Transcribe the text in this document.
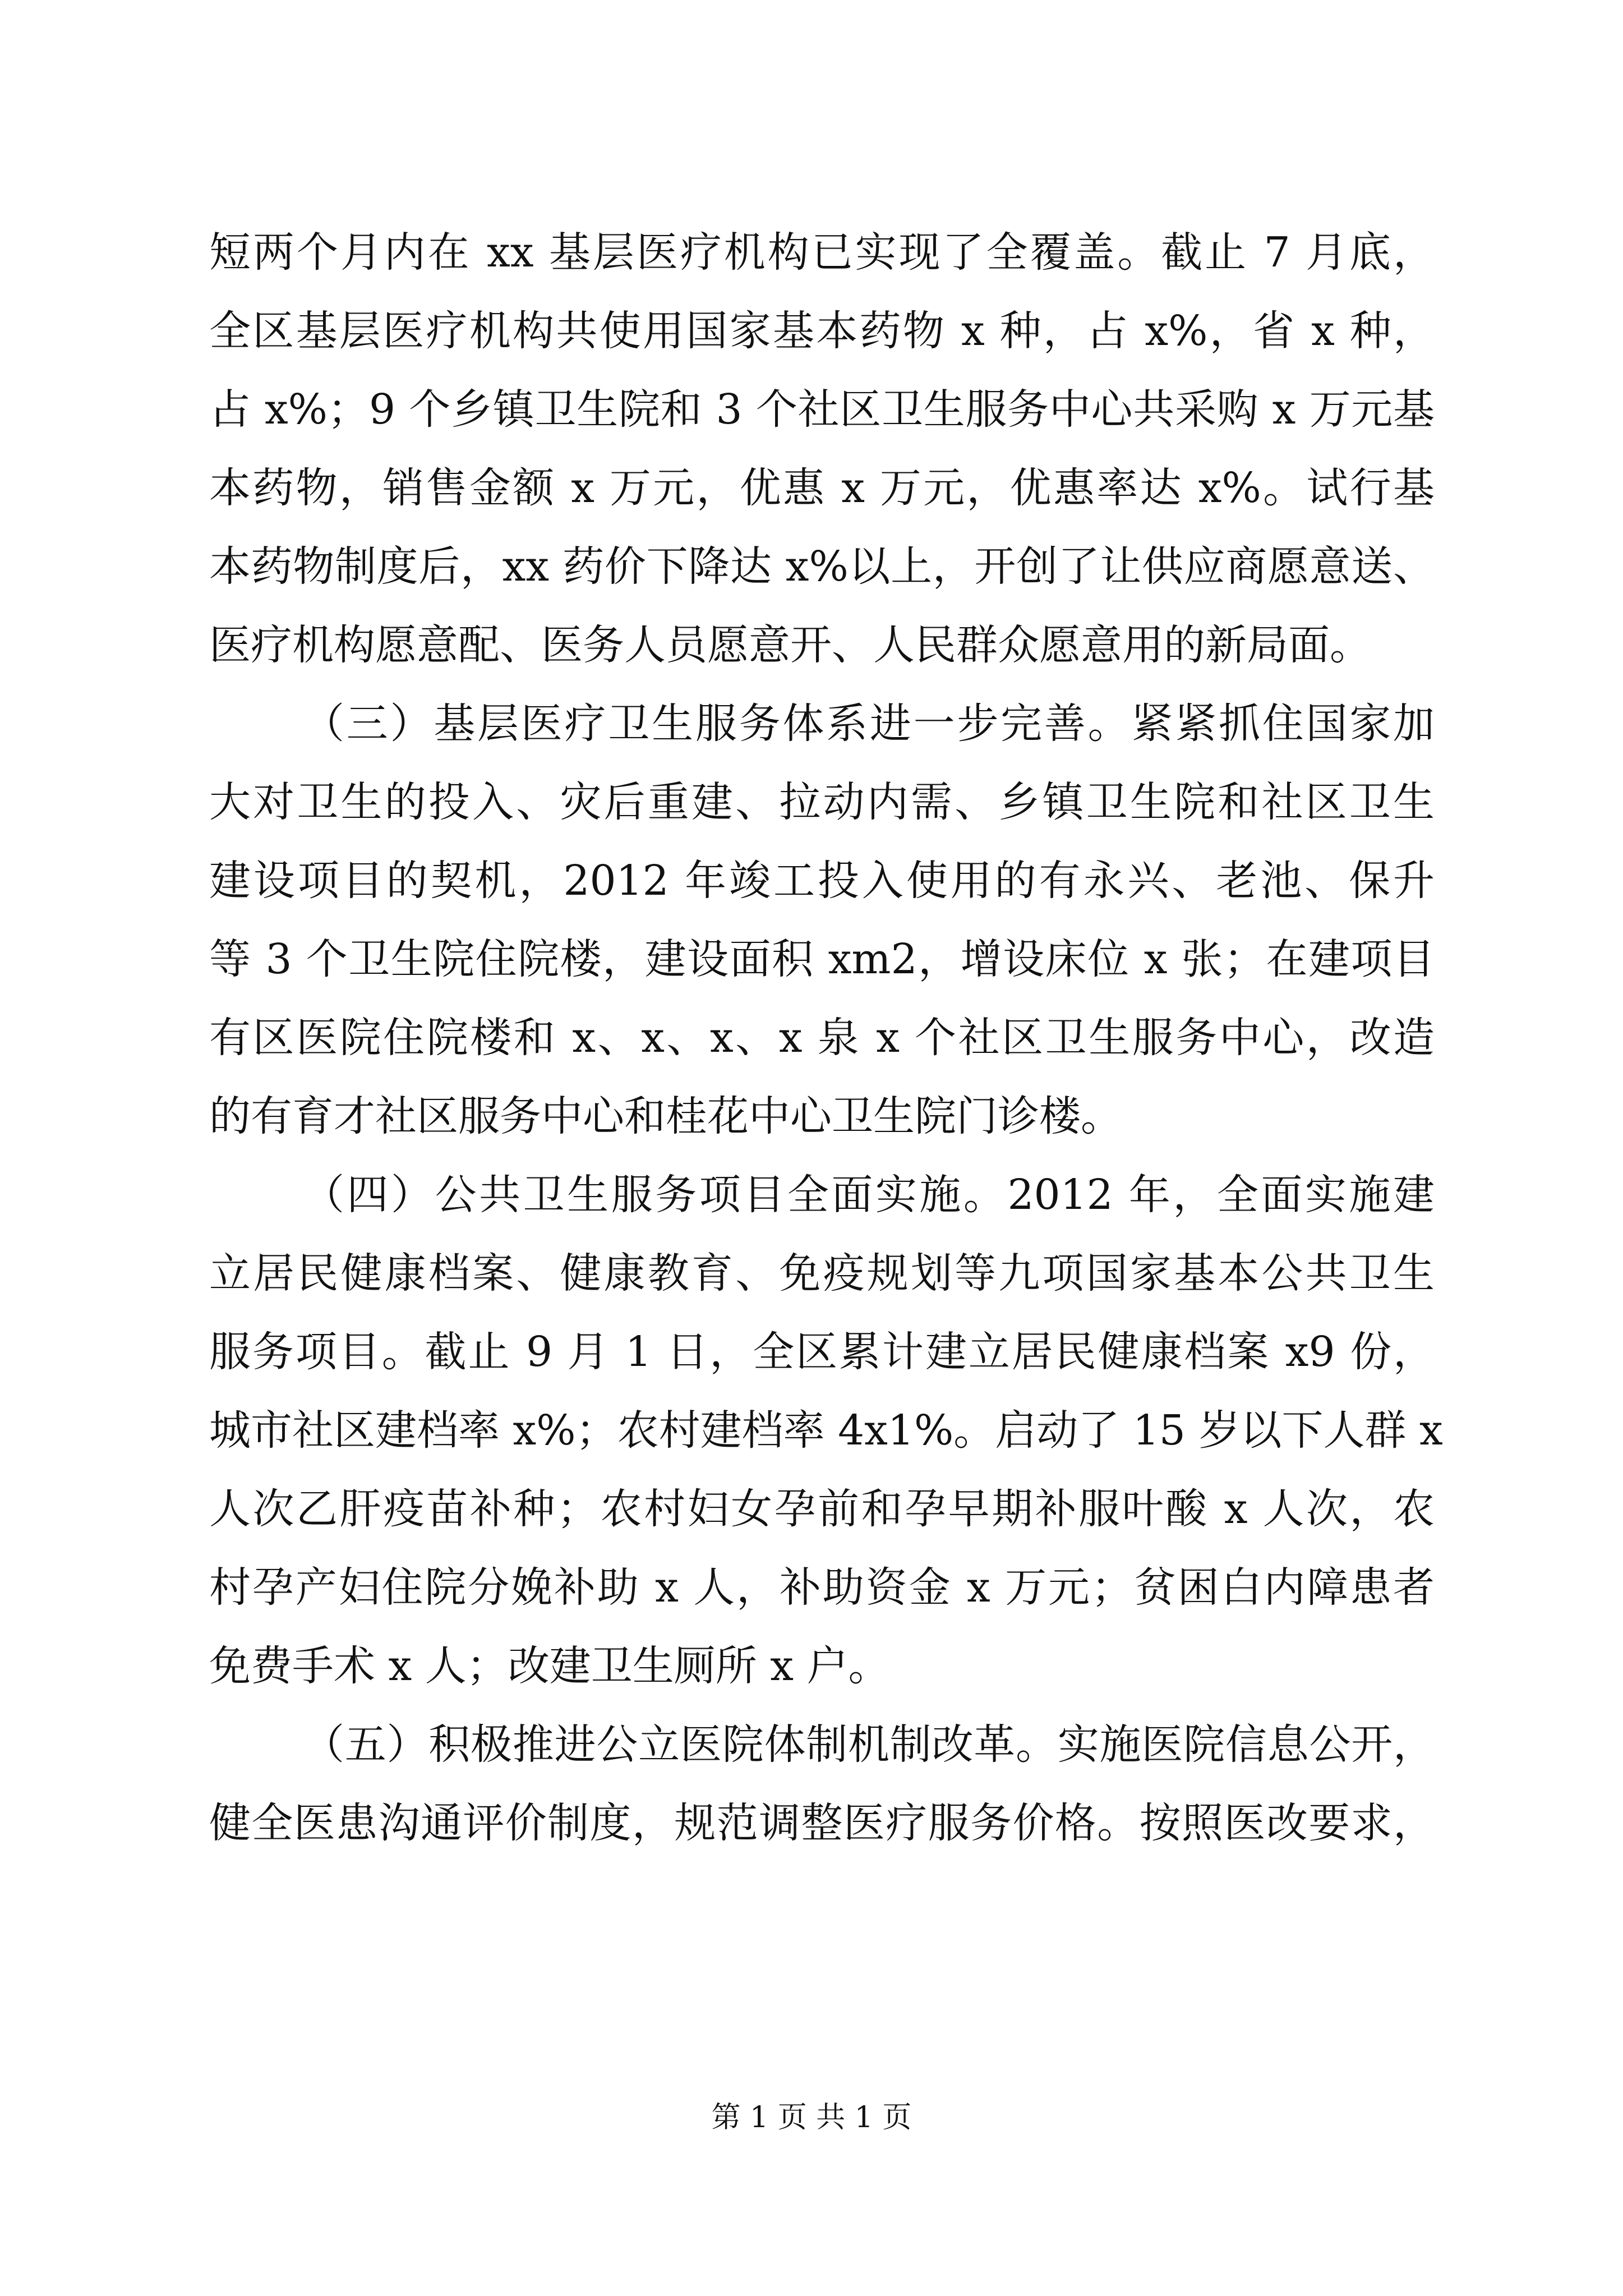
短两个月内在 xx 基层医疗机构已实现了全覆盖。截止 7 月底，
全区基层医疗机构共使用国家基本药物 x 种，占 x%，省 x 种，
占 x%；9 个乡镇卫生院和 3 个社区卫生服务中心共采购 x 万元基
本药物，销售金额 x 万元，优惠 x 万元，优惠率达 x%。试行基
本药物制度后，xx 药价下降达 x%以上，开创了让供应商愿意送、
医疗机构愿意配、医务人员愿意开、人民群众愿意用的新局面。
（三）基层医疗卫生服务体系进一步完善。紧紧抓住国家加
大对卫生的投入、灾后重建、拉动内需、乡镇卫生院和社区卫生
建设项目的契机，2012 年竣工投入使用的有永兴、老池、保升
等 3 个卫生院住院楼，建设面积 xm2，增设床位 x 张；在建项目
有区医院住院楼和 x、x、x、x 泉 x 个社区卫生服务中心，改造
的有育才社区服务中心和桂花中心卫生院门诊楼。
（四）公共卫生服务项目全面实施。2012 年，全面实施建
立居民健康档案、健康教育、免疫规划等九项国家基本公共卫生
服务项目。截止 9 月 1 日，全区累计建立居民健康档案 x9 份，
城市社区建档率 x%；农村建档率 4x1%。启动了 15 岁以下人群 x
人次乙肝疫苗补种；农村妇女孕前和孕早期补服叶酸 x 人次，农
村孕产妇住院分娩补助 x 人，补助资金 x 万元；贫困白内障患者
免费手术 x 人；改建卫生厕所 x 户。
（五）积极推进公立医院体制机制改革。实施医院信息公开，
健全医患沟通评价制度，规范调整医疗服务价格。按照医改要求，
第 1 页 共 1 页
